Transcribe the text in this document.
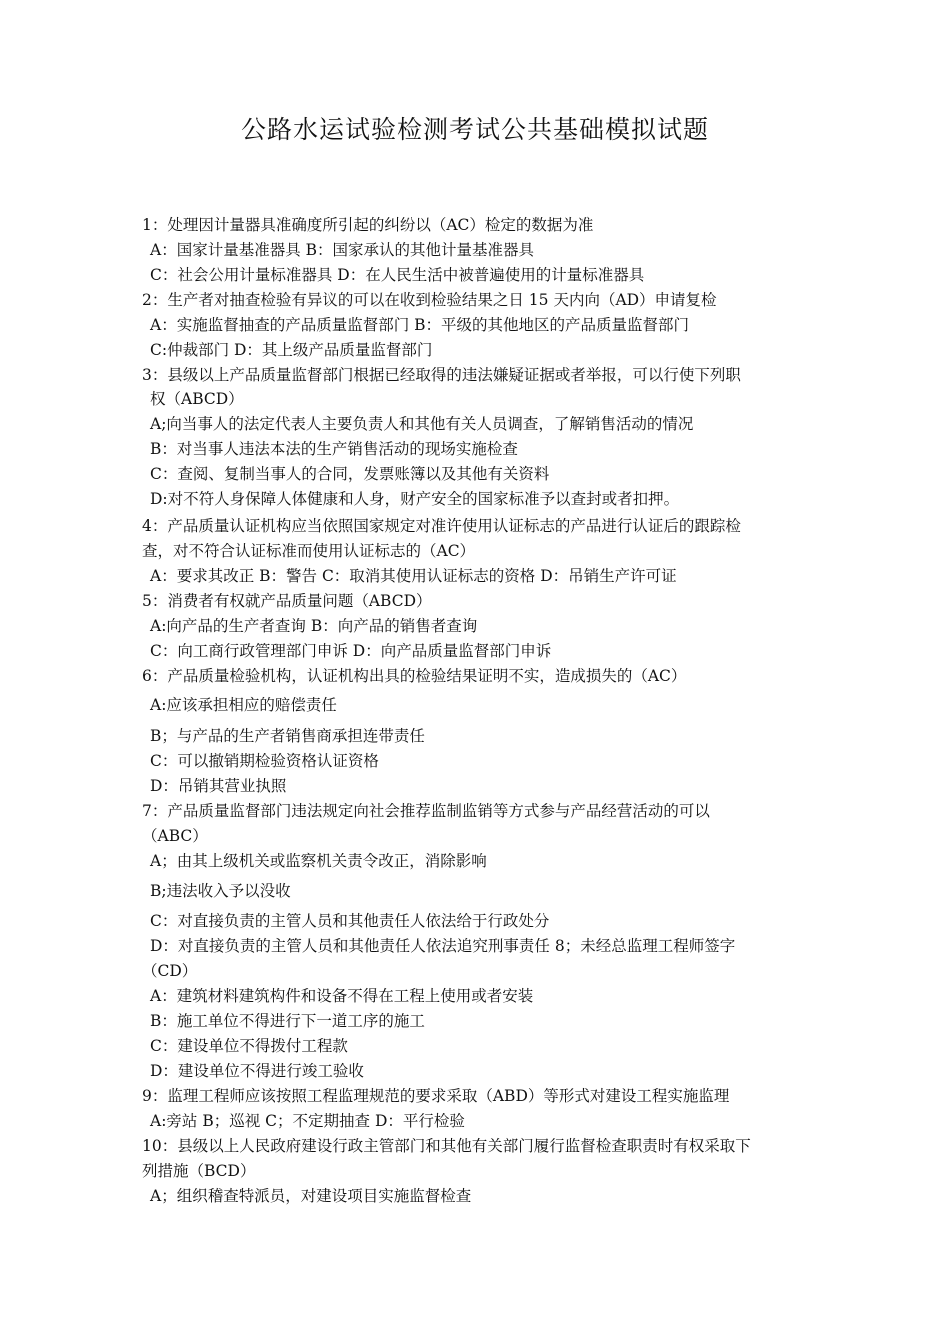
公路水运试验检测考试公共基础模拟试题
1：处理因计量器具准确度所引起的纠纷以（AC）检定的数据为准
A：国家计量基准器具 B：国家承认的其他计量基准器具
C：社会公用计量标准器具 D：在人民生活中被普遍使用的计量标准器具
2：生产者对抽查检验有异议的可以在收到检验结果之日 15 天内向（AD）申请复检
A：实施监督抽查的产品质量监督部门 B：平级的其他地区的产品质量监督部门
C:仲裁部门 D：其上级产品质量监督部门
3：县级以上产品质量监督部门根据已经取得的违法嫌疑证据或者举报，可以行使下列职
权（ABCD）
A;向当事人的法定代表人主要负责人和其他有关人员调查，了解销售活动的情况
B：对当事人违法本法的生产销售活动的现场实施检查
C：查阅、复制当事人的合同，发票账簿以及其他有关资料
D:对不符人身保障人体健康和人身，财产安全的国家标准予以查封或者扣押。
4：产品质量认证机构应当依照国家规定对准许使用认证标志的产品进行认证后的跟踪检
查，对不符合认证标准而使用认证标志的（AC）
A：要求其改正 B：警告 C：取消其使用认证标志的资格 D：吊销生产许可证
5：消费者有权就产品质量问题（ABCD）
A:向产品的生产者查询 B：向产品的销售者查询
C：向工商行政管理部门申诉 D：向产品质量监督部门申诉
6：产品质量检验机构，认证机构出具的检验结果证明不实，造成损失的（AC）
A:应该承担相应的赔偿责任
B；与产品的生产者销售商承担连带责任
C：可以撤销期检验资格认证资格
D：吊销其营业执照
7：产品质量监督部门违法规定向社会推荐监制监销等方式参与产品经营活动的可以
（ABC）
A；由其上级机关或监察机关责令改正，消除影响
B;违法收入予以没收
C：对直接负责的主管人员和其他责任人依法给于行政处分
D：对直接负责的主管人员和其他责任人依法追究刑事责任 8；未经总监理工程师签字
（CD）
A：建筑材料建筑构件和设备不得在工程上使用或者安装
B：施工单位不得进行下一道工序的施工
C：建设单位不得拨付工程款
D：建设单位不得进行竣工验收
9：监理工程师应该按照工程监理规范的要求采取（ABD）等形式对建设工程实施监理
A:旁站 B；巡视 C；不定期抽查 D：平行检验
10：县级以上人民政府建设行政主管部门和其他有关部门履行监督检查职责时有权采取下
列措施（BCD）
A；组织稽查特派员，对建设项目实施监督检查
